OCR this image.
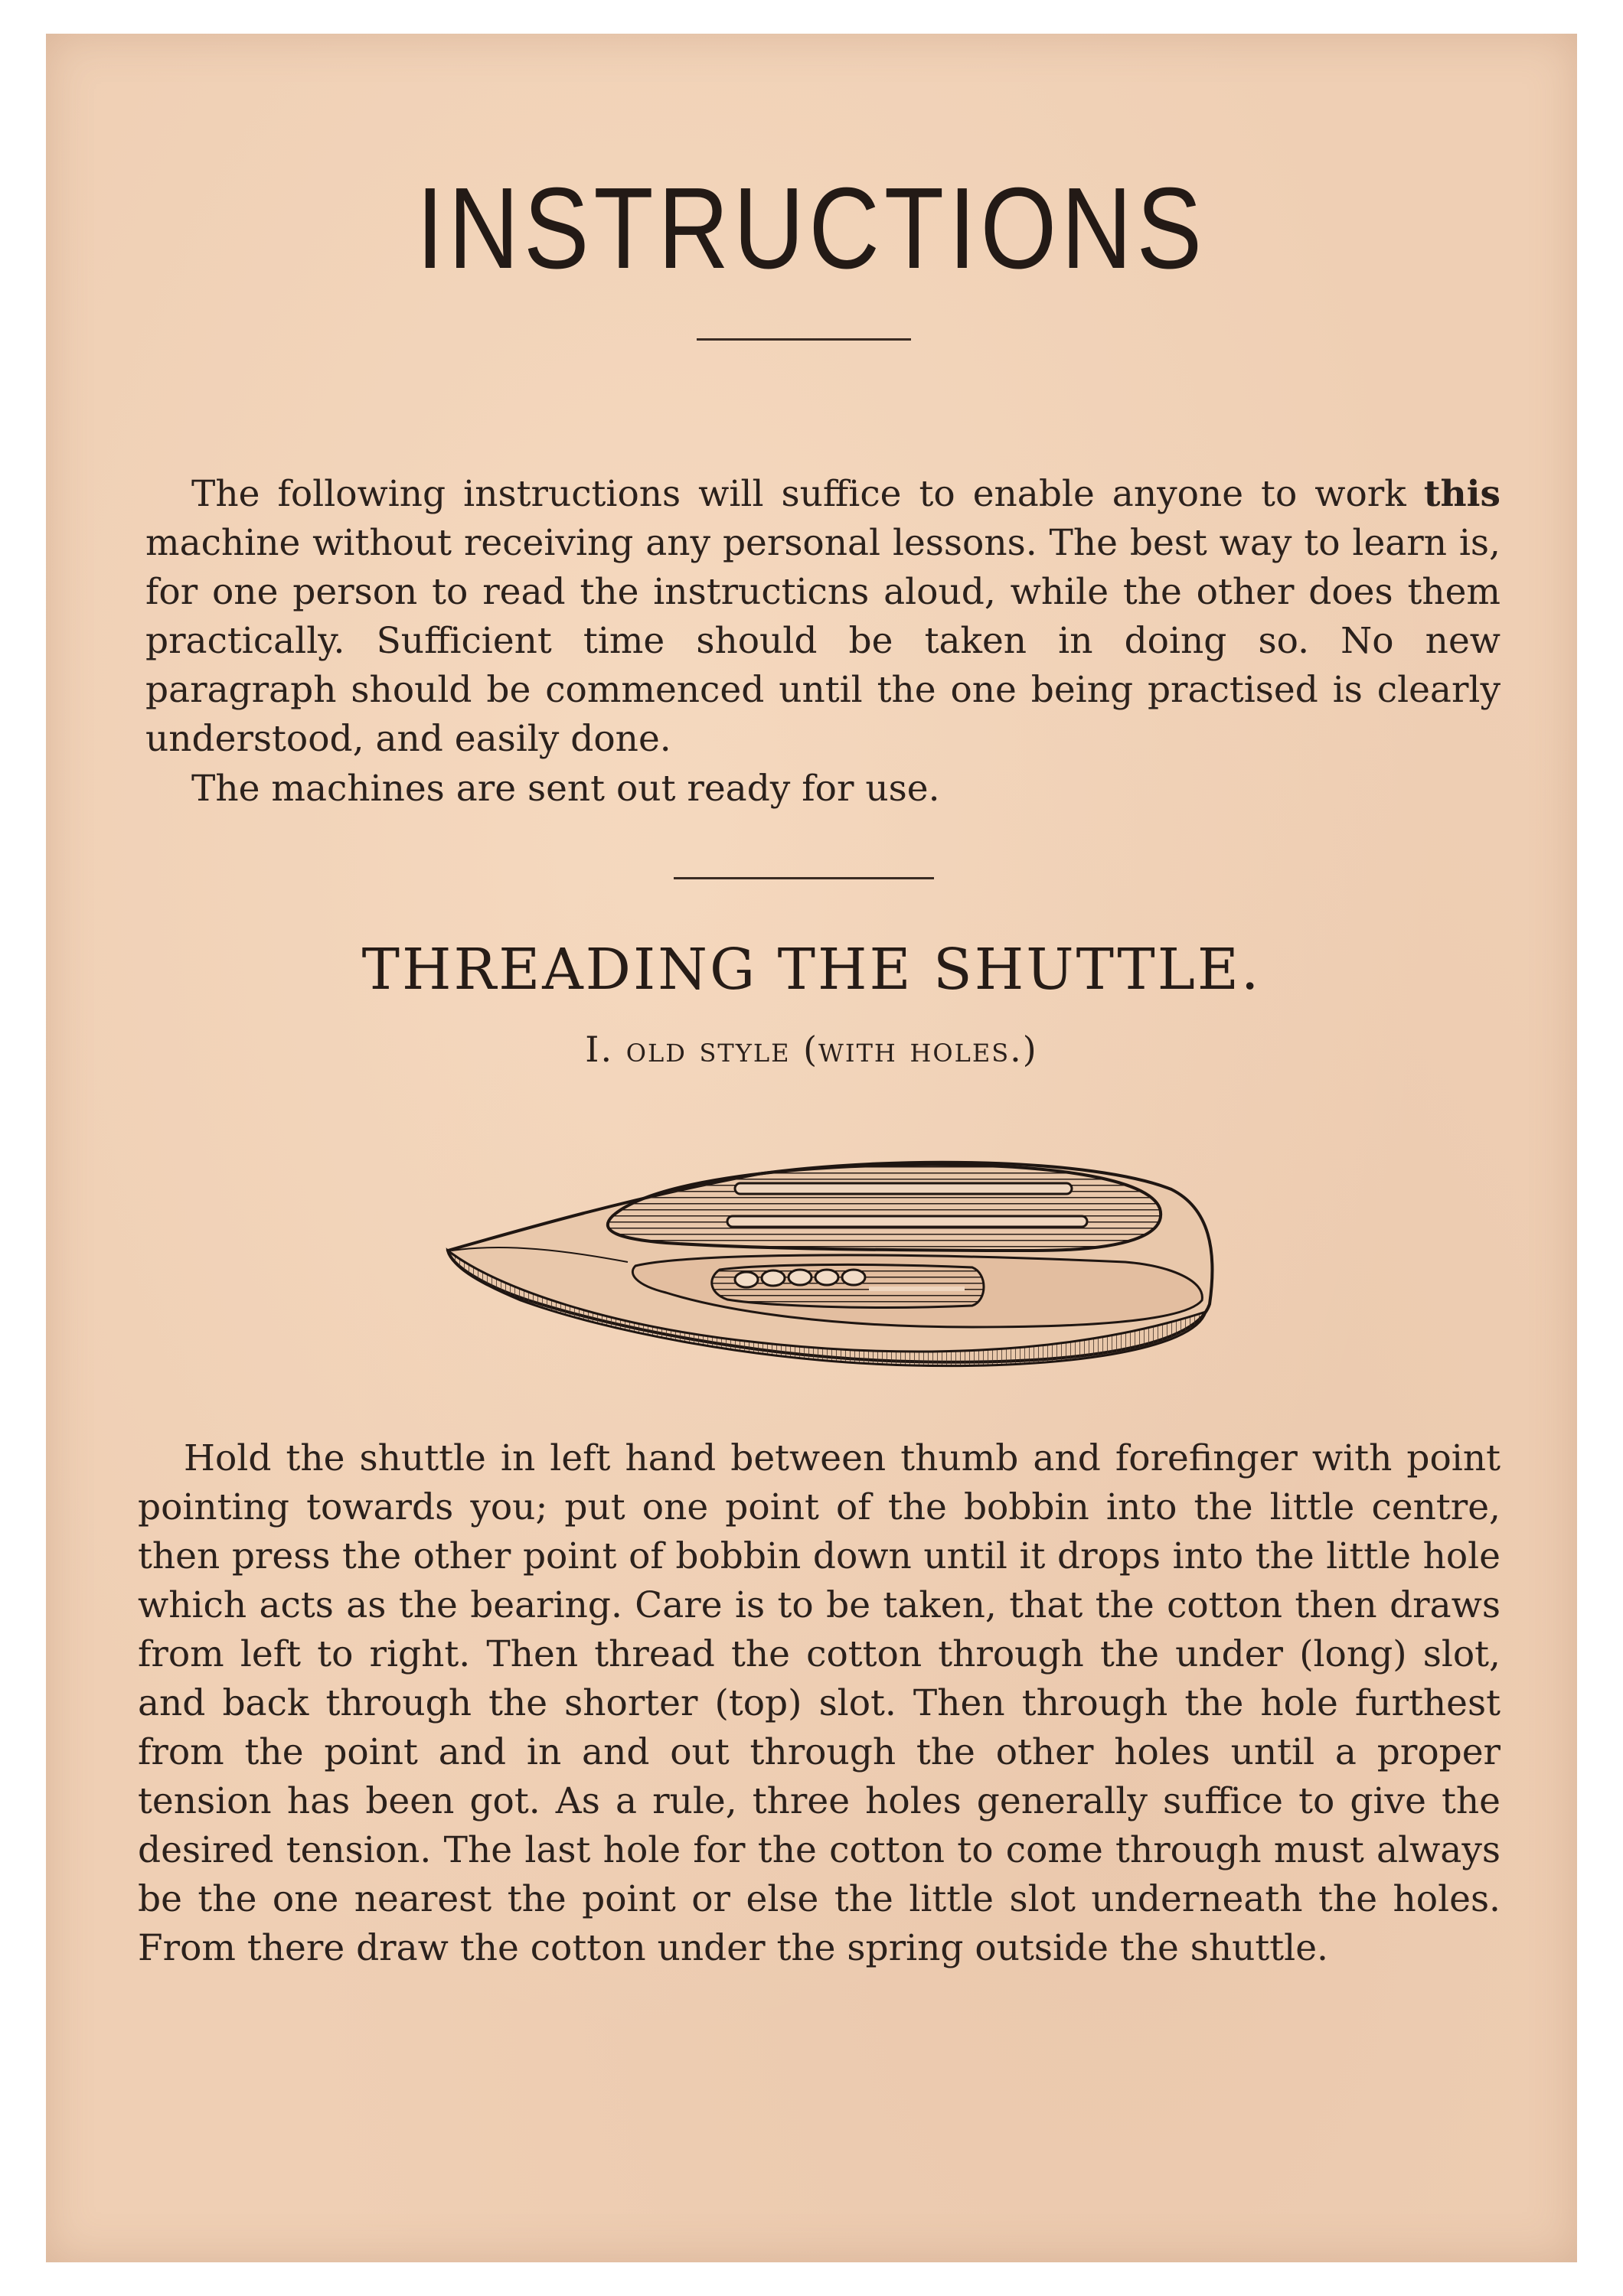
INSTRUCTIONS

The following instructions will suffice to enable anyone to work this machine without receiving any personal lessons. The best way to learn is, for one person to read the instructicns aloud, while the other does them practically. Sufficient time should be taken in doing so. No new paragraph should be commenced until the one being practised is clearly understood, and easily done.

The machines are sent out ready for use.

THREADING THE SHUTTLE.
I. old style (with holes.)

Hold the shuttle in left hand between thumb and forefinger with point pointing towards you; put one point of the bobbin into the little centre, then press the other point of bobbin down until it drops into the little hole which acts as the bearing. Care is to be taken, that the cotton then draws from left to right. Then thread the cotton through the under (long) slot, and back through the shorter (top) slot. Then through the hole furthest from the point and in and out through the other holes until a proper tension has been got. As a rule, three holes generally suffice to give the desired tension. The last hole for the cotton to come through must always be the one nearest the point or else the little slot underneath the holes. From there draw the cotton under the spring outside the shuttle.
